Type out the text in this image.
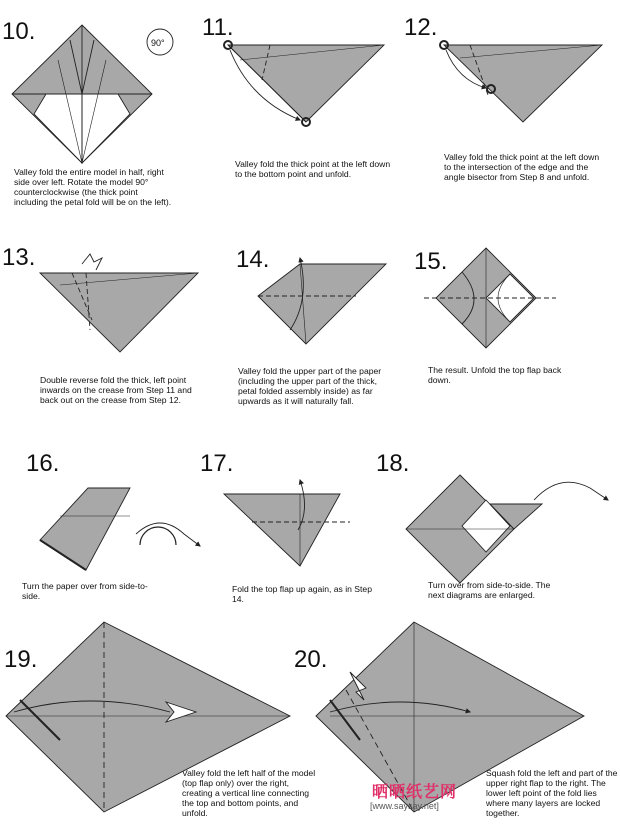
10.	11.	12.
13.	14.	15.
16.	17.	18.
19.	20.
Valley fold the entire model in half, right side over left. Rotate the model 90° counterclockwise (the thick point including the petal fold will be on the left).
Valley fold the thick point at the left down to the bottom point and unfold.
Valley fold the thick point at the left down to the intersection of the edge and the angle bisector from Step 8 and unfold.
Double reverse fold the thick, left point inwards on the crease from Step 11 and back out on the crease from Step 12.
Valley fold the upper part of the paper (including the upper part of the thick, petal folded assembly inside) as far upwards as it will naturally fall.
The result. Unfold the top flap back down.
Turn the paper over from side-to-side.
Fold the top flap up again, as in Step 14.
Turn over from side-to-side. The next diagrams are enlarged.
Valley fold the left half of the model (top flap only) over the right, creating a vertical line connecting the top and bottom points, and unfold.
Squash fold the left and part of the upper right flap to the right. The lower left point of the fold lies where many layers are locked together.
90°
晒晒纸艺网
[www.saysay.net]
